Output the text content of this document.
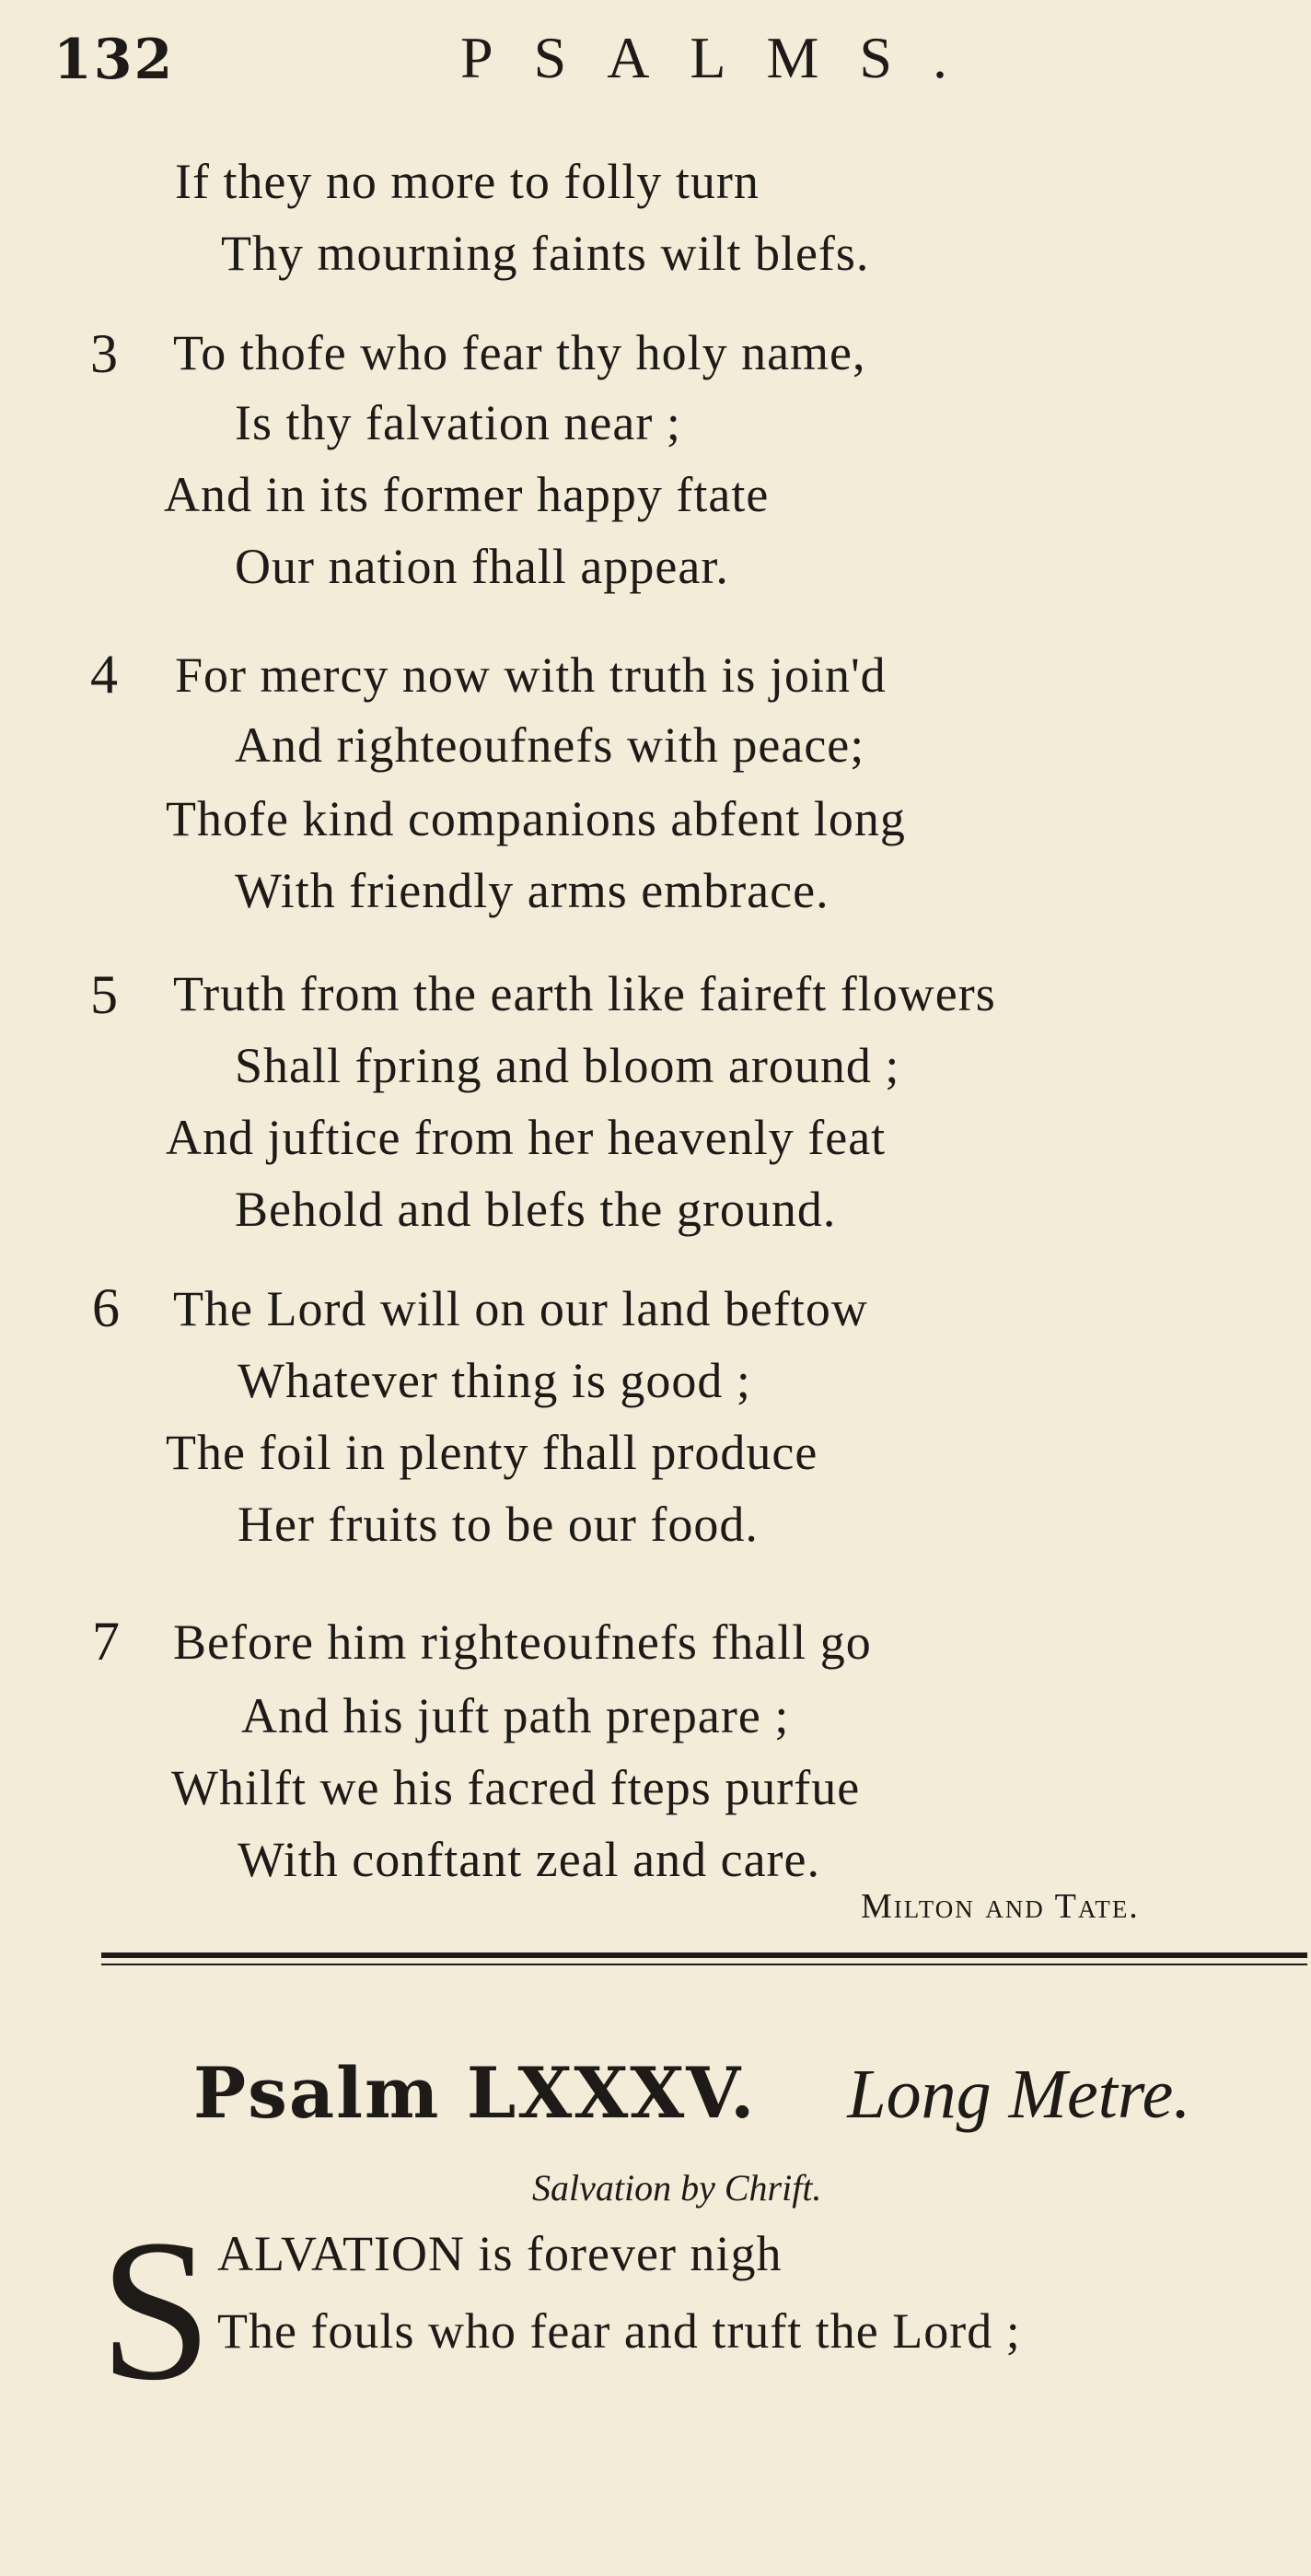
132	PSALMS.
If they no more to folly turn
Thy mourning faints wilt blefs.
3 To thofe who fear thy holy name,
Is thy falvation near ;
And in its former happy ftate
Our nation fhall appear.
4 For mercy now with truth is join'd
And righteoufnefs with peace;
Thofe kind companions abfent long
With friendly arms embrace.
5 Truth from the earth like faireft flowers
Shall fpring and bloom around ;
And juftice from her heavenly feat
Behold and blefs the ground.
6 The Lord will on our land beftow
Whatever thing is good ;
The foil in plenty fhall produce
Her fruits to be our food.
7 Before him righteoufnefs fhall go
And his juft path prepare ;
Whilft we his facred fteps purfue
With conftant zeal and care.
Milton and Tate.
Psalm LXXXV. Long Metre.
Salvation by Chrift.
S ALVATION is forever nigh
The fouls who fear and truft the Lord ;
